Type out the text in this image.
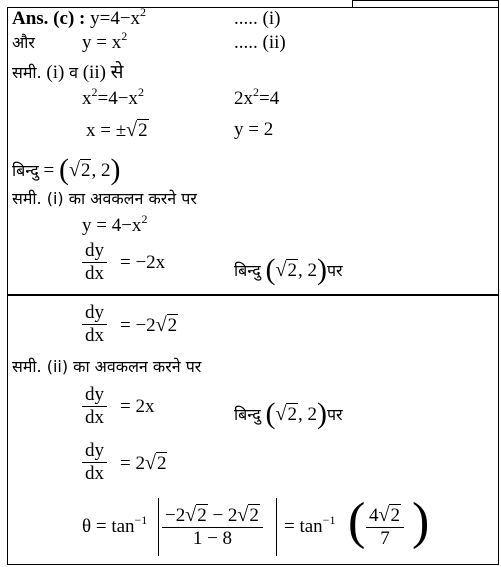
Ans. (c) : $y=4-x^2$	..... (i)
और $y = x^2$	..... (ii)
समी. (i) व (ii) से
$x^2=4-x^2$	$2x^2=4$
x = ±√2	y = 2
बिन्दु = (√2, 2)
समी. (i) का अवकलन करने पर
$y = 4-x^2$
$\frac{dy}{dx} = -2x$	बिन्दु (√2, 2)पर
$\frac{dy}{dx} = -2√2$
समी. (ii) का अवकलन करने पर
$\frac{dy}{dx} = 2x$	बिन्दु (√2, 2)पर
$\frac{dy}{dx} = 2√2$
$\theta = \tan^{-1} \frac{-2√2 - 2√2}{1 - 8} = \tan^{-1}$ ( $\frac{4√2}{7}$ )
